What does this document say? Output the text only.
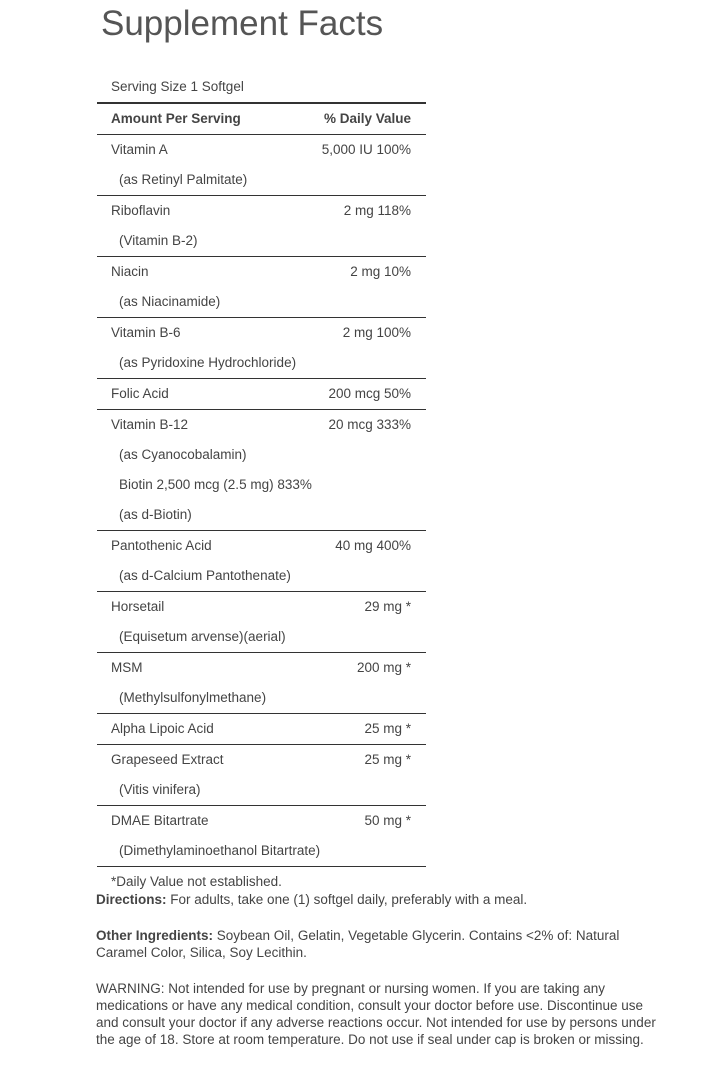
Supplement Facts
Serving Size 1 Softgel
Amount Per Serving	% Daily Value
Vitamin A	5,000 IU 100%
(as Retinyl Palmitate)
Riboflavin	2 mg 118%
(Vitamin B-2)
Niacin	2 mg 10%
(as Niacinamide)
Vitamin B-6	2 mg 100%
(as Pyridoxine Hydrochloride)
Folic Acid	200 mcg 50%
Vitamin B-12	20 mcg 333%
(as Cyanocobalamin)
Biotin 2,500 mcg (2.5 mg) 833%
(as d-Biotin)
Pantothenic Acid	40 mg 400%
(as d-Calcium Pantothenate)
Horsetail	29 mg *
(Equisetum arvense)(aerial)
MSM	200 mg *
(Methylsulfonylmethane)
Alpha Lipoic Acid	25 mg *
Grapeseed Extract	25 mg *
(Vitis vinifera)
DMAE Bitartrate	50 mg *
(Dimethylaminoethanol Bitartrate)
*Daily Value not established.
Directions: For adults, take one (1) softgel daily, preferably with a meal.
Other Ingredients: Soybean Oil, Gelatin, Vegetable Glycerin. Contains <2% of: Natural Caramel Color, Silica, Soy Lecithin.
WARNING: Not intended for use by pregnant or nursing women. If you are taking any medications or have any medical condition, consult your doctor before use. Discontinue use and consult your doctor if any adverse reactions occur. Not intended for use by persons under the age of 18. Store at room temperature. Do not use if seal under cap is broken or missing.
